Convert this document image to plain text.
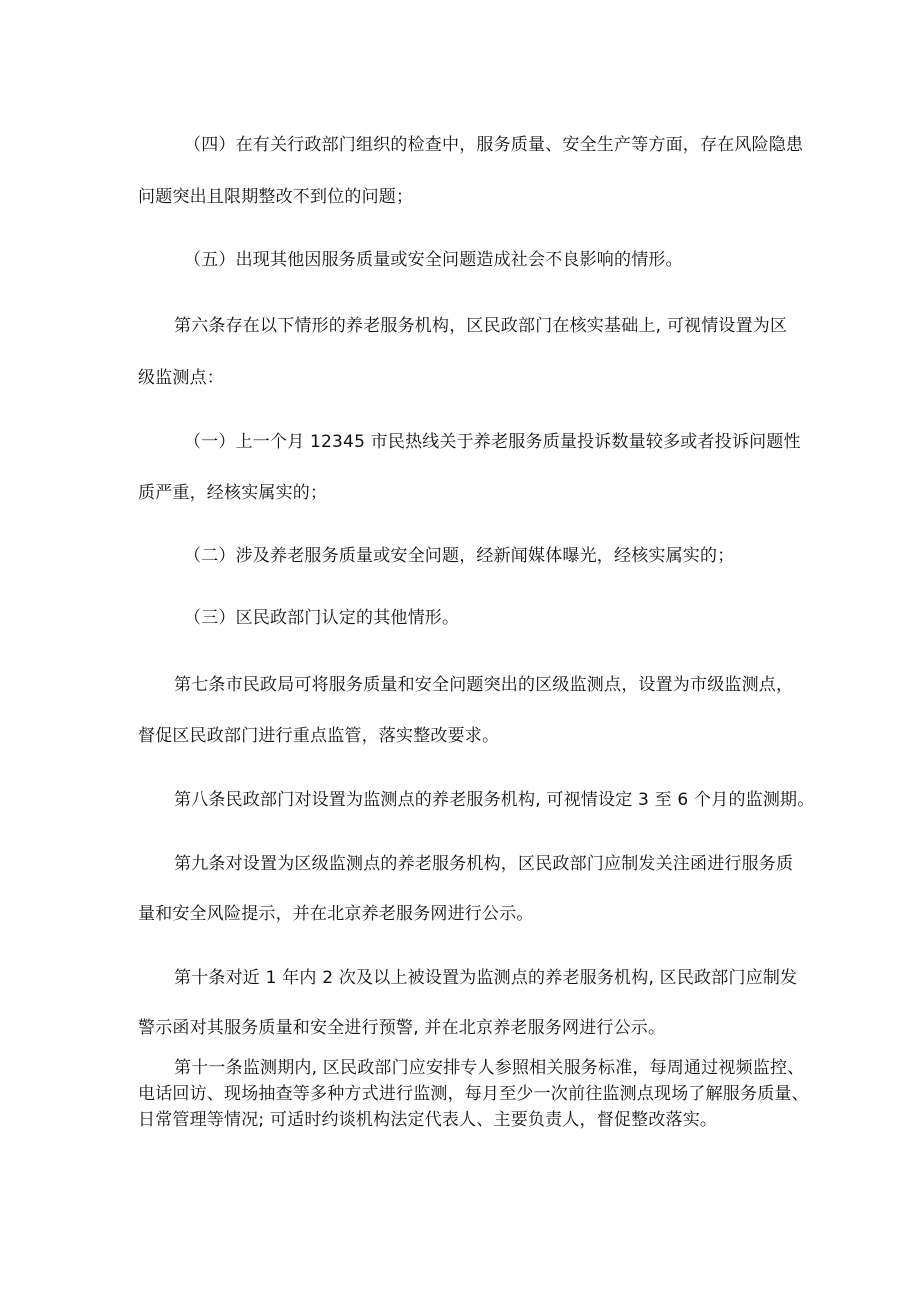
（四）在有关行政部门组织的检查中，服务质量、安全生产等方面，存在风险隐患
问题突出且限期整改不到位的问题；
（五）出现其他因服务质量或安全问题造成社会不良影响的情形。
第六条存在以下情形的养老服务机构，区民政部门在核实基础上, 可视情设置为区
级监测点：
（一）上一个月 12345 市民热线关于养老服务质量投诉数量较多或者投诉问题性
质严重，经核实属实的；
（二）涉及养老服务质量或安全问题，经新闻媒体曝光，经核实属实的；
（三）区民政部门认定的其他情形。
第七条市民政局可将服务质量和安全问题突出的区级监测点，设置为市级监测点，
督促区民政部门进行重点监管，落实整改要求。
第八条民政部门对设置为监测点的养老服务机构, 可视情设定 3 至 6 个月的监测期。
第九条对设置为区级监测点的养老服务机构，区民政部门应制发关注函进行服务质
量和安全风险提示，并在北京养老服务网进行公示。
第十条对近 1 年内 2 次及以上被设置为监测点的养老服务机构, 区民政部门应制发
警示函对其服务质量和安全进行预警, 并在北京养老服务网进行公示。
第十一条监测期内, 区民政部门应安排专人参照相关服务标准，每周通过视频监控、
电话回访、现场抽查等多种方式进行监测，每月至少一次前往监测点现场了解服务质量、
日常管理等情况; 可适时约谈机构法定代表人、主要负责人，督促整改落实。
